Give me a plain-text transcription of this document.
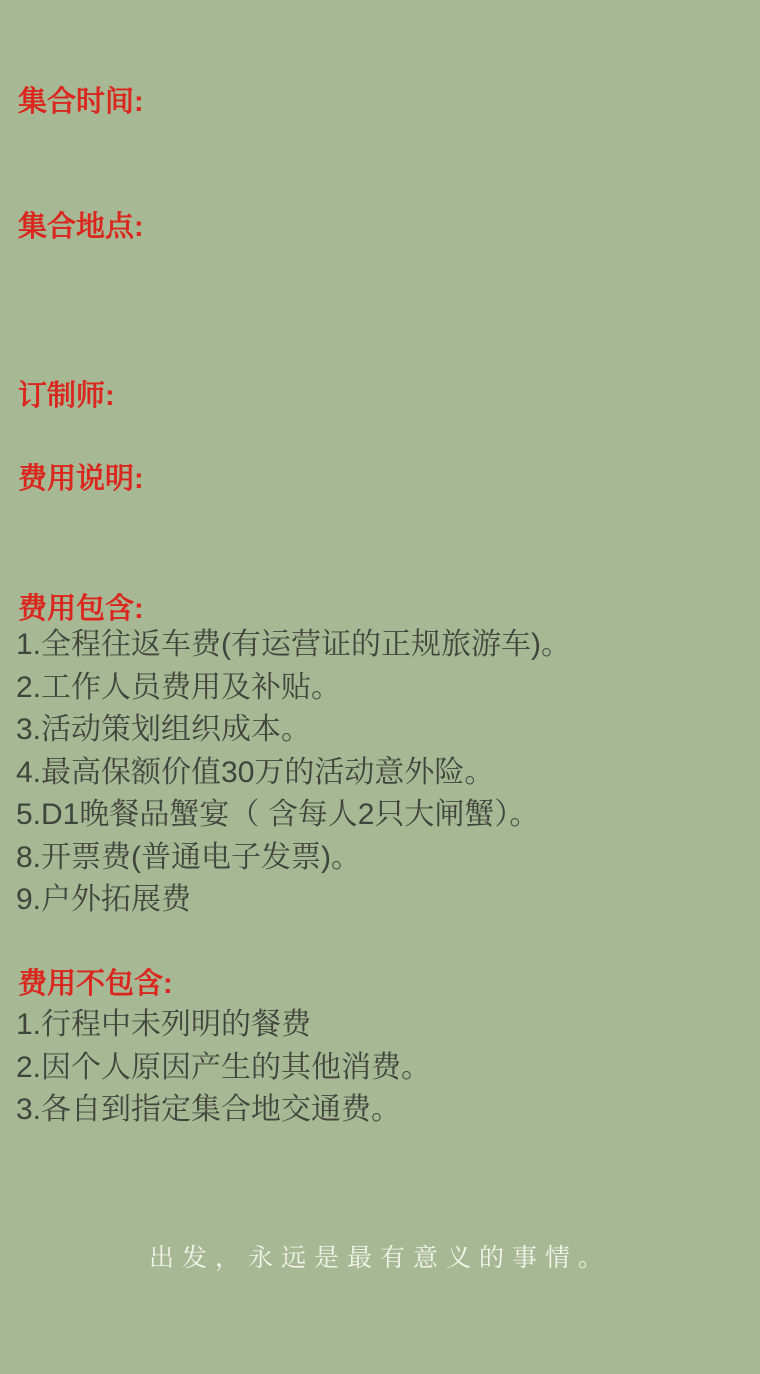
集合时间:
集合地点:
订制师:
费用说明:
费用包含:
1.全程往返车费(有运营证的正规旅游车)。
2.工作人员费用及补贴。
3.活动策划组织成本。
4.最高保额价值30万的活动意外险。
5.D1晚餐品蟹宴（ 含每人2只大闸蟹）。
8.开票费(普通电子发票)。
9.户外拓展费
费用不包含:
1.行程中未列明的餐费
2.因个人原因产生的其他消费。
3.各自到指定集合地交通费。
出发，永远是最有意义的事情。
